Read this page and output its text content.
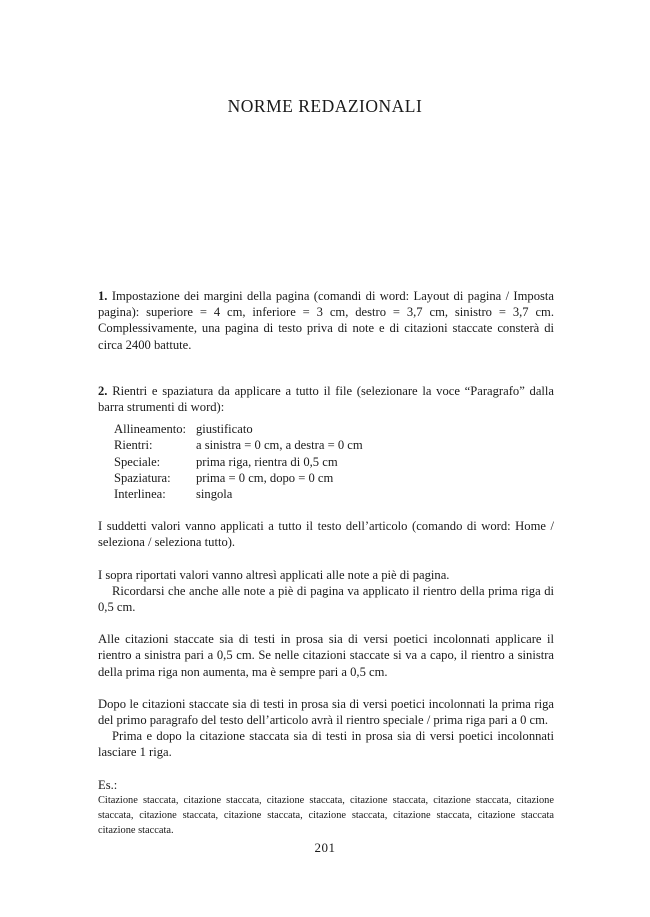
NORME REDAZIONALI

1. Impostazione dei margini della pagina (comandi di word: Layout di pagina / Imposta pagina): superiore = 4 cm, inferiore = 3 cm, destro = 3,7 cm, sinistro = 3,7 cm. Complessivamente, una pagina di testo priva di note e di citazioni staccate consterà di circa 2400 battute.

2. Rientri e spaziatura da applicare a tutto il file (selezionare la voce “Paragrafo” dalla barra strumenti di word):

Allineamento:	giustificato
Rientri:	a sinistra = 0 cm, a destra = 0 cm
Speciale:	prima riga, rientra di 0,5 cm
Spaziatura:	prima = 0 cm, dopo = 0 cm
Interlinea:	singola

I suddetti valori vanno applicati a tutto il testo dell’articolo (comando di word: Home / seleziona / seleziona tutto).

I sopra riportati valori vanno altresì applicati alle note a piè di pagina.

Ricordarsi che anche alle note a piè di pagina va applicato il rientro della prima riga di 0,5 cm.

Alle citazioni staccate sia di testi in prosa sia di versi poetici incolonnati applicare il rientro a sinistra pari a 0,5 cm. Se nelle citazioni staccate si va a capo, il rientro a sinistra della prima riga non aumenta, ma è sempre pari a 0,5 cm.

Dopo le citazioni staccate sia di testi in prosa sia di versi poetici incolonnati la prima riga del primo paragrafo del testo dell’articolo avrà il rientro speciale / prima riga pari a 0 cm.

Prima e dopo la citazione staccata sia di testi in prosa sia di versi poetici incolonnati lasciare 1 riga.

Es.:

Citazione staccata, citazione staccata, citazione staccata, citazione staccata, citazione staccata, citazione staccata, citazione staccata, citazione staccata, citazione staccata, citazione staccata, citazione staccata citazione staccata.

201
